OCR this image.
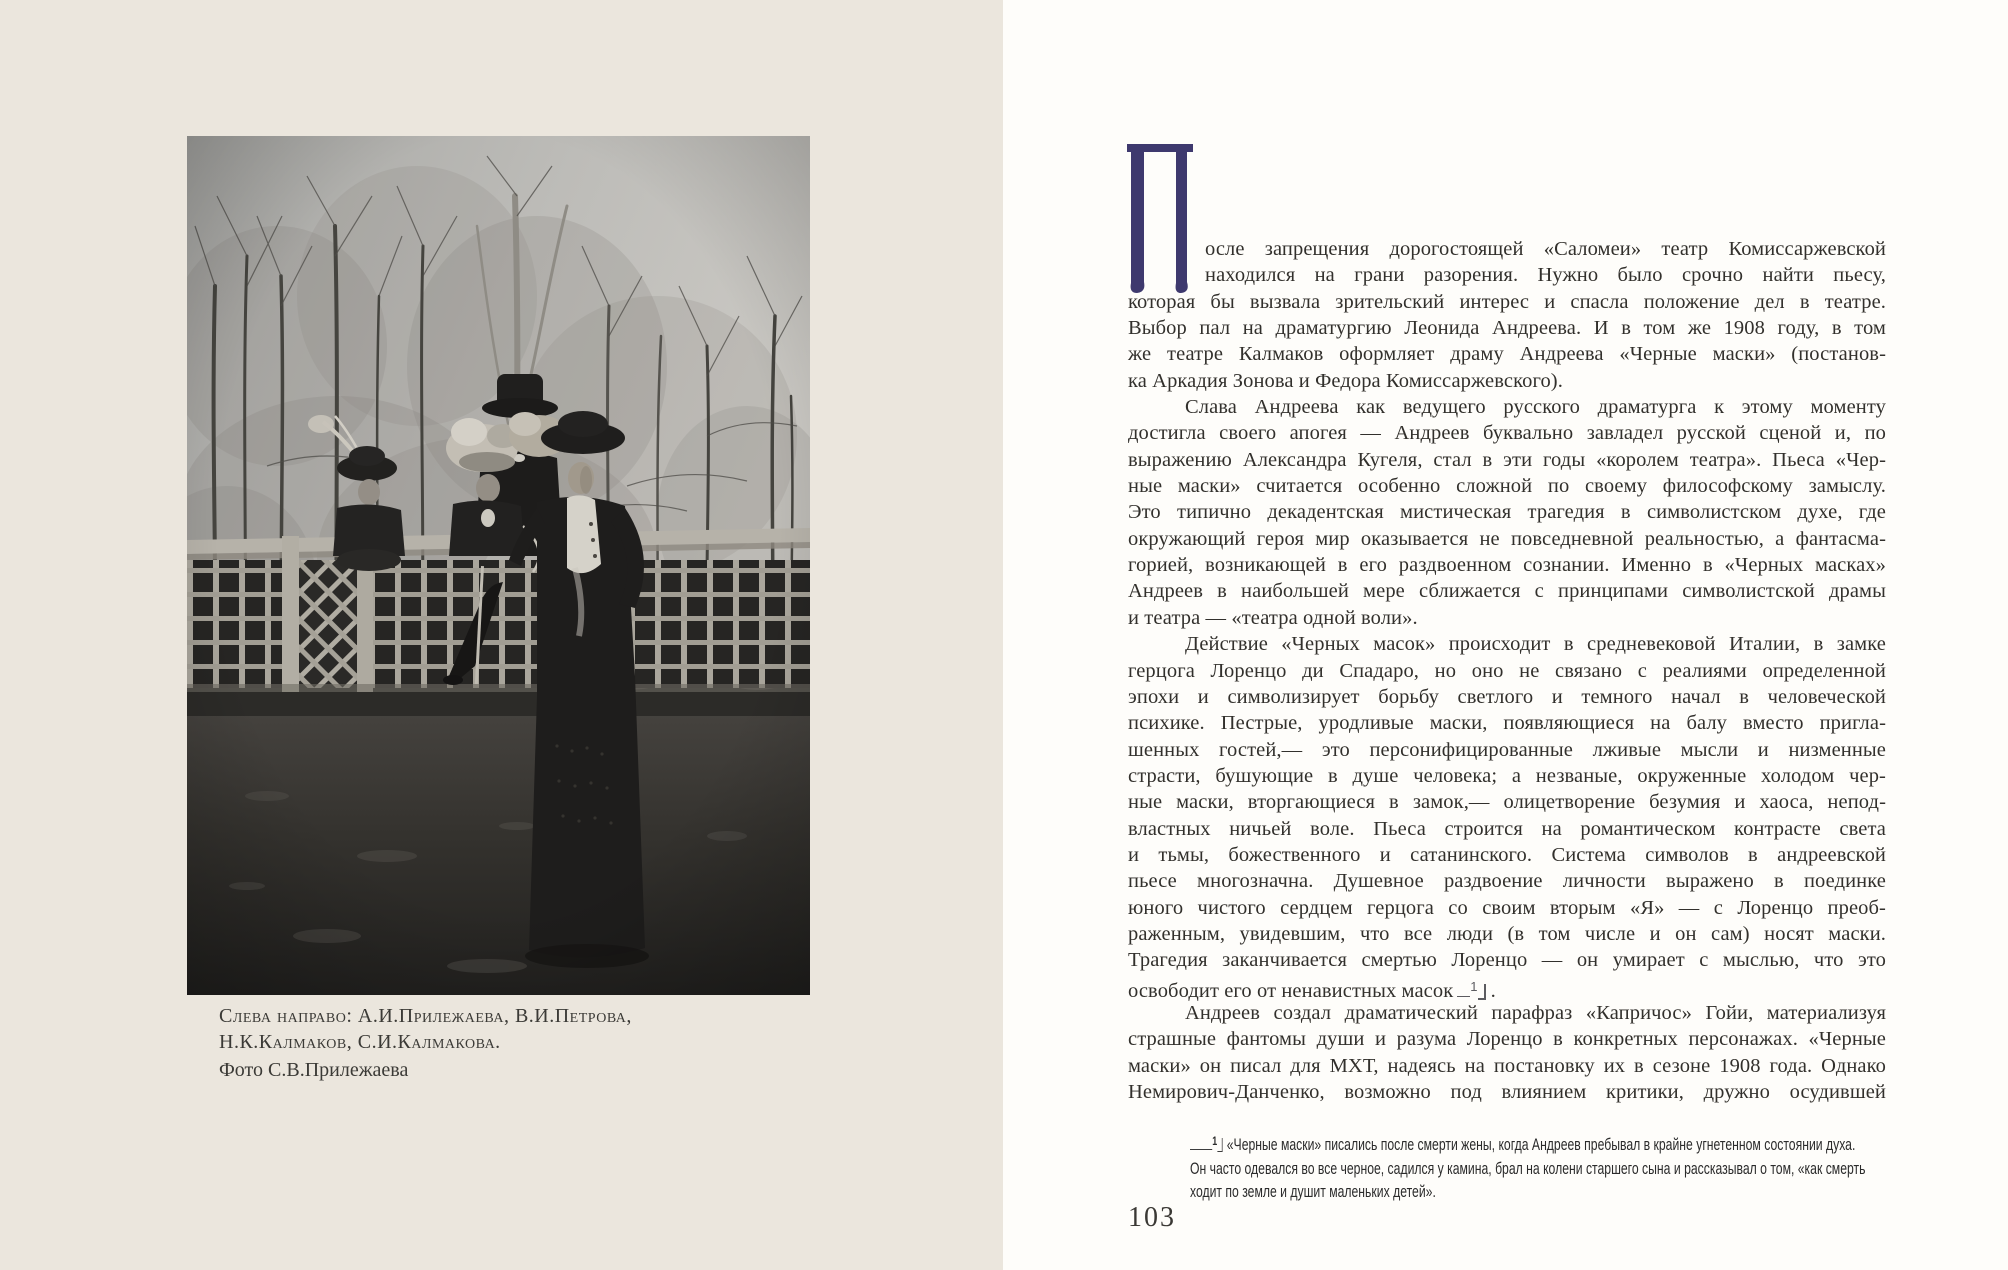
Слева направо: А.И.Прилежаева, В.И.Петрова,
Н.К.Калмаков, С.И.Калмакова.
Фото С.В.Прилежаева
осле запрещения дорогостоящей «Саломеи» театр Комиссаржевской
находился на грани разорения. Нужно было срочно найти пьесу,
которая бы вызвала зрительский интерес и спасла положение дел в театре.
Выбор пал на драматургию Леонида Андреева. И в том же 1908 году, в том
же театре Калмаков оформляет драму Андреева «Черные маски» (постанов-
ка Аркадия Зонова и Федора Комиссаржевского).
Слава Андреева как ведущего русского драматурга к этому моменту
достигла своего апогея — Андреев буквально завладел русской сценой и, по
выражению Александра Кугеля, стал в эти годы «королем театра». Пьеса «Чер-
ные маски» считается особенно сложной по своему философскому замыслу.
Это типично декадентская мистическая трагедия в символистском духе, где
окружающий героя мир оказывается не повседневной реальностью, а фантасма-
горией, возникающей в его раздвоенном сознании. Именно в «Черных масках»
Андреев в наибольшей мере сближается с принципами символистской драмы
и театра — «театра одной воли».
Действие «Черных масок» происходит в средневековой Италии, в замке
герцога Лоренцо ди Спадаро, но оно не связано с реалиями определенной
эпохи и символизирует борьбу светлого и темного начал в человеческой
психике. Пестрые, уродливые маски, появляющиеся на балу вместо пригла-
шенных гостей,— это персонифицированные лживые мысли и низменные
страсти, бушующие в душе человека; а незваные, окруженные холодом чер-
ные маски, вторгающиеся в замок,— олицетворение безумия и хаоса, непод-
властных ничьей воле. Пьеса строится на романтическом контрасте света
и тьмы, божественного и сатанинского. Система символов в андреевской
пьесе многозначна. Душевное раздвоение личности выражено в поединке
юного чистого сердцем герцога со своим вторым «Я» — с Лоренцо преоб-
раженным, увидевшим, что все люди (в том числе и он сам) носят маски.
Трагедия заканчивается смертью Лоренцо — он умирает с мыслью, что это
освободит его от ненавистных масок $^1$ .
Андреев создал драматический парафраз «Капричос» Гойи, материализуя
страшные фантомы души и разума Лоренцо в конкретных персонажах. «Черные
маски» он писал для МХТ, надеясь на постановку их в сезоне 1908 года. Однако
Немирович-Данченко, возможно под влиянием критики, дружно осудившей
$^1$ «Черные маски» писались после смерти жены, когда Андреев пребывал в крайне угнетенном состоянии духа.
Он часто одевался во все черное, садился у камина, брал на колени старшего сына и рассказывал о том, «как смерть
ходит по земле и душит маленьких детей».
103
